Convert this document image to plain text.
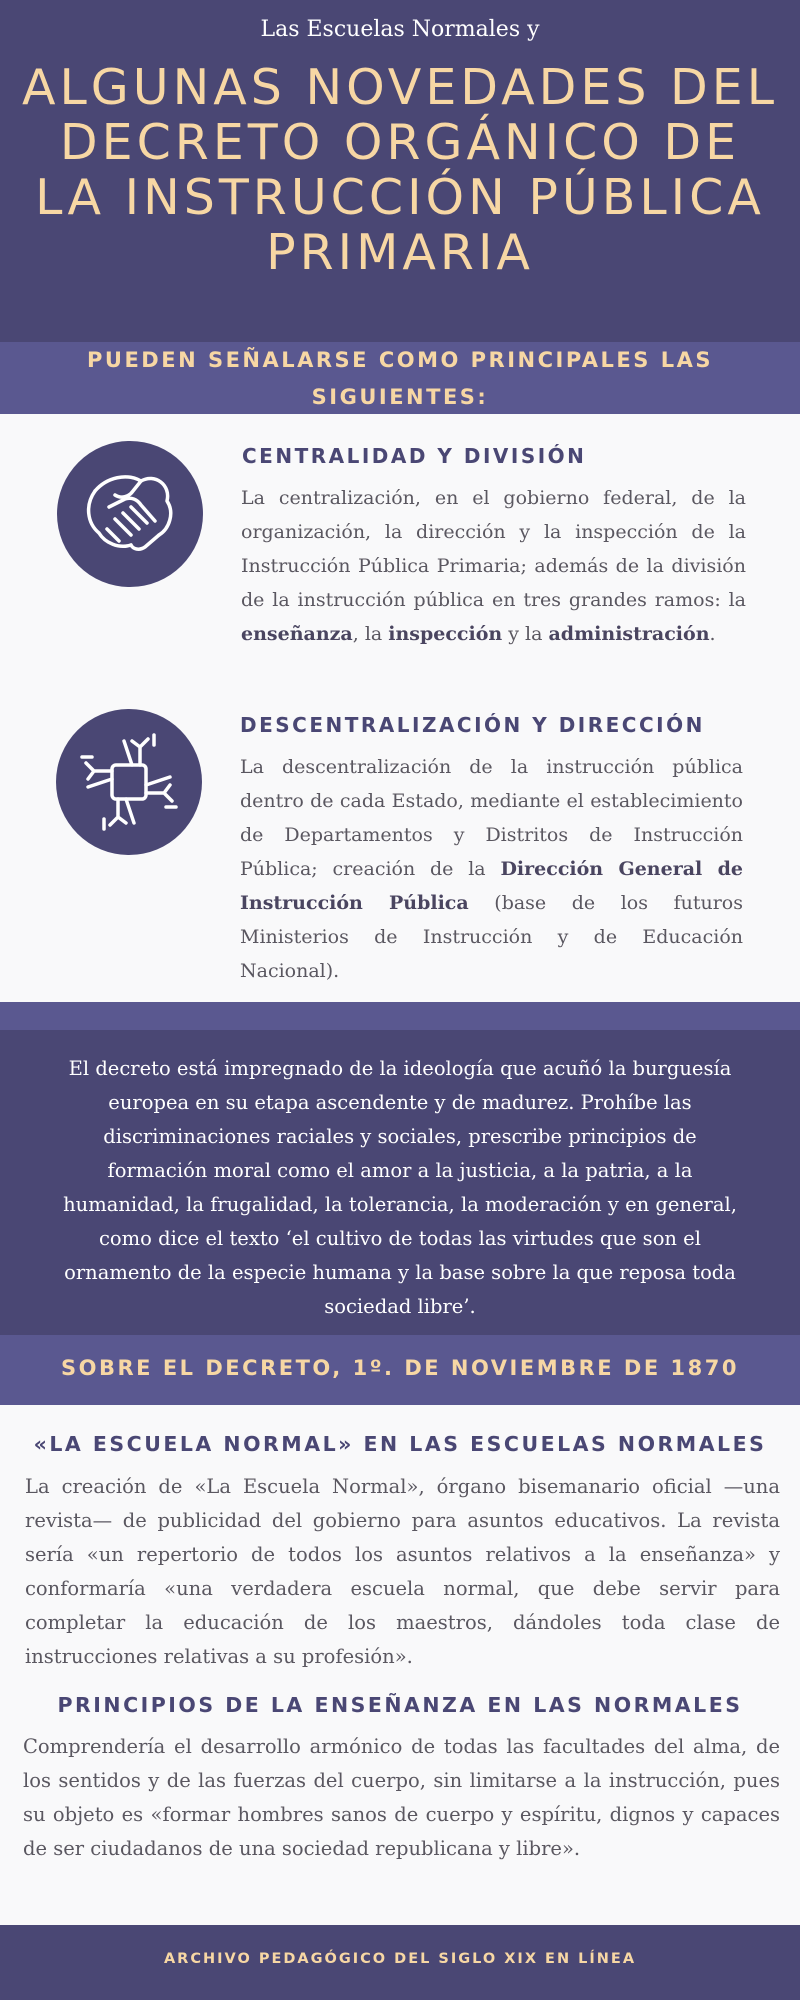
Las Escuelas Normales y
ALGUNAS NOVEDADES DEL DECRETO ORGÁNICO DE LA INSTRUCCIÓN PÚBLICA PRIMARIA
PUEDEN SEÑALARSE COMO PRINCIPALES LAS SIGUIENTES:
CENTRALIDAD Y DIVISIÓN

La centralización, en el gobierno federal, de la organización, la dirección y la inspección de la Instrucción Pública Primaria; además de la división de la instrucción pública en tres grandes ramos: la enseñanza, la inspección y la administración.

DESCENTRALIZACIÓN Y DIRECCIÓN

La descentralización de la instrucción pública dentro de cada Estado, mediante el establecimiento de Departamentos y Distritos de Instrucción Pública; creación de la Dirección General de Instrucción Pública (base de los futuros Ministerios de Instrucción y de Educación Nacional).

El decreto está impregnado de la ideología que acuñó la burguesía europea en su etapa ascendente y de madurez. Prohíbe las discriminaciones raciales y sociales, prescribe principios de formación moral como el amor a la justicia, a la patria, a la humanidad, la frugalidad, la tolerancia, la moderación y en general, como dice el texto ‘el cultivo de todas las virtudes que son el ornamento de la especie humana y la base sobre la que reposa toda sociedad libre’.

SOBRE EL DECRETO, 1º. DE NOVIEMBRE DE 1870
«LA ESCUELA NORMAL» EN LAS ESCUELAS NORMALES

La creación de «La Escuela Normal», órgano bisemanario oficial —una revista— de publicidad del gobierno para asuntos educativos. La revista sería «un repertorio de todos los asuntos relativos a la enseñanza» y conformaría «una verdadera escuela normal, que debe servir para completar la educación de los maestros, dándoles toda clase de instrucciones relativas a su profesión».

PRINCIPIOS DE LA ENSEÑANZA EN LAS NORMALES

Comprendería el desarrollo armónico de todas las facultades del alma, de los sentidos y de las fuerzas del cuerpo, sin limitarse a la instrucción, pues su objeto es «formar hombres sanos de cuerpo y espíritu, dignos y capaces de ser ciudadanos de una sociedad republicana y libre».

ARCHIVO PEDAGÓGICO DEL SIGLO XIX EN LÍNEA
